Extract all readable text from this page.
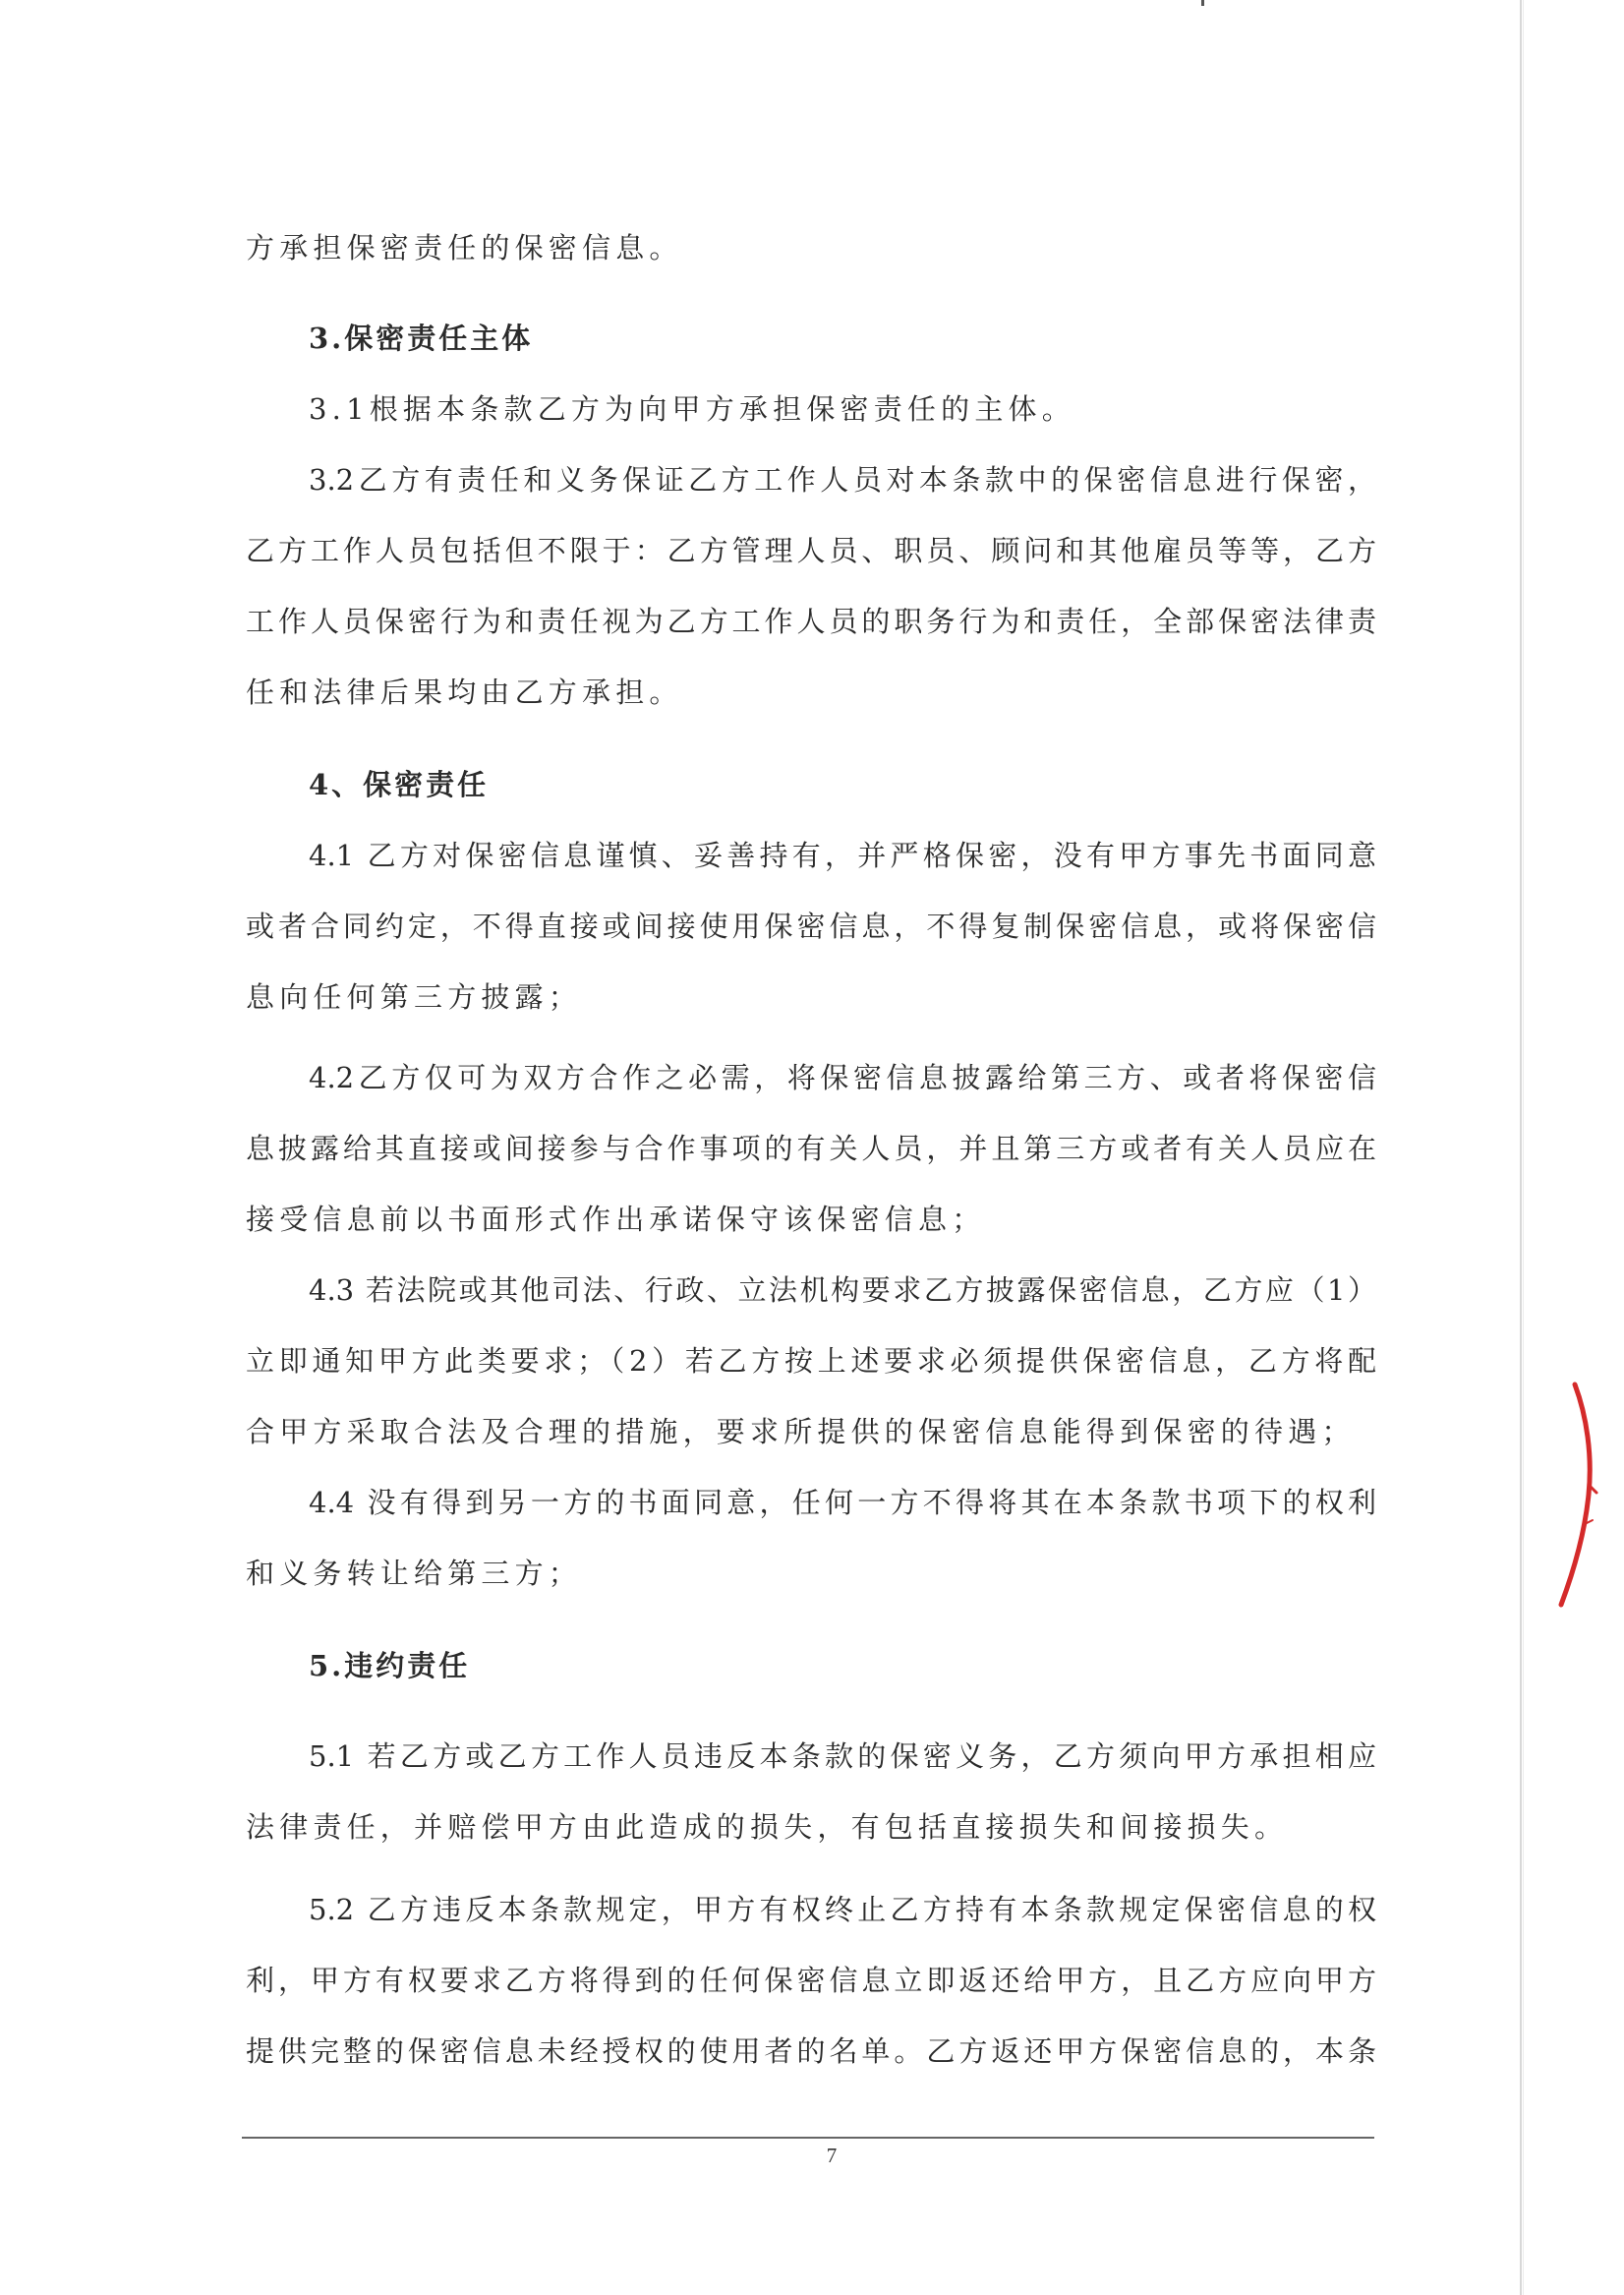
方承担保密责任的保密信息。
3.保密责任主体
3.1根据本条款乙方为向甲方承担保密责任的主体。
3.2乙方有责任和义务保证乙方工作人员对本条款中的保密信息进行保密，
乙方工作人员包括但不限于：乙方管理人员、职员、顾问和其他雇员等等，乙方
工作人员保密行为和责任视为乙方工作人员的职务行为和责任，全部保密法律责
任和法律后果均由乙方承担。
4、保密责任
4.1 乙方对保密信息谨慎、妥善持有，并严格保密，没有甲方事先书面同意
或者合同约定，不得直接或间接使用保密信息，不得复制保密信息，或将保密信
息向任何第三方披露；
4.2乙方仅可为双方合作之必需，将保密信息披露给第三方、或者将保密信
息披露给其直接或间接参与合作事项的有关人员，并且第三方或者有关人员应在
接受信息前以书面形式作出承诺保守该保密信息；
4.3 若法院或其他司法、行政、立法机构要求乙方披露保密信息，乙方应（1）
立即通知甲方此类要求；（2）若乙方按上述要求必须提供保密信息，乙方将配
合甲方采取合法及合理的措施，要求所提供的保密信息能得到保密的待遇；
4.4 没有得到另一方的书面同意，任何一方不得将其在本条款书项下的权利
和义务转让给第三方；
5.违约责任
5.1 若乙方或乙方工作人员违反本条款的保密义务，乙方须向甲方承担相应
法律责任，并赔偿甲方由此造成的损失，有包括直接损失和间接损失。
5.2 乙方违反本条款规定，甲方有权终止乙方持有本条款规定保密信息的权
利，甲方有权要求乙方将得到的任何保密信息立即返还给甲方，且乙方应向甲方
提供完整的保密信息未经授权的使用者的名单。乙方返还甲方保密信息的，本条
7
